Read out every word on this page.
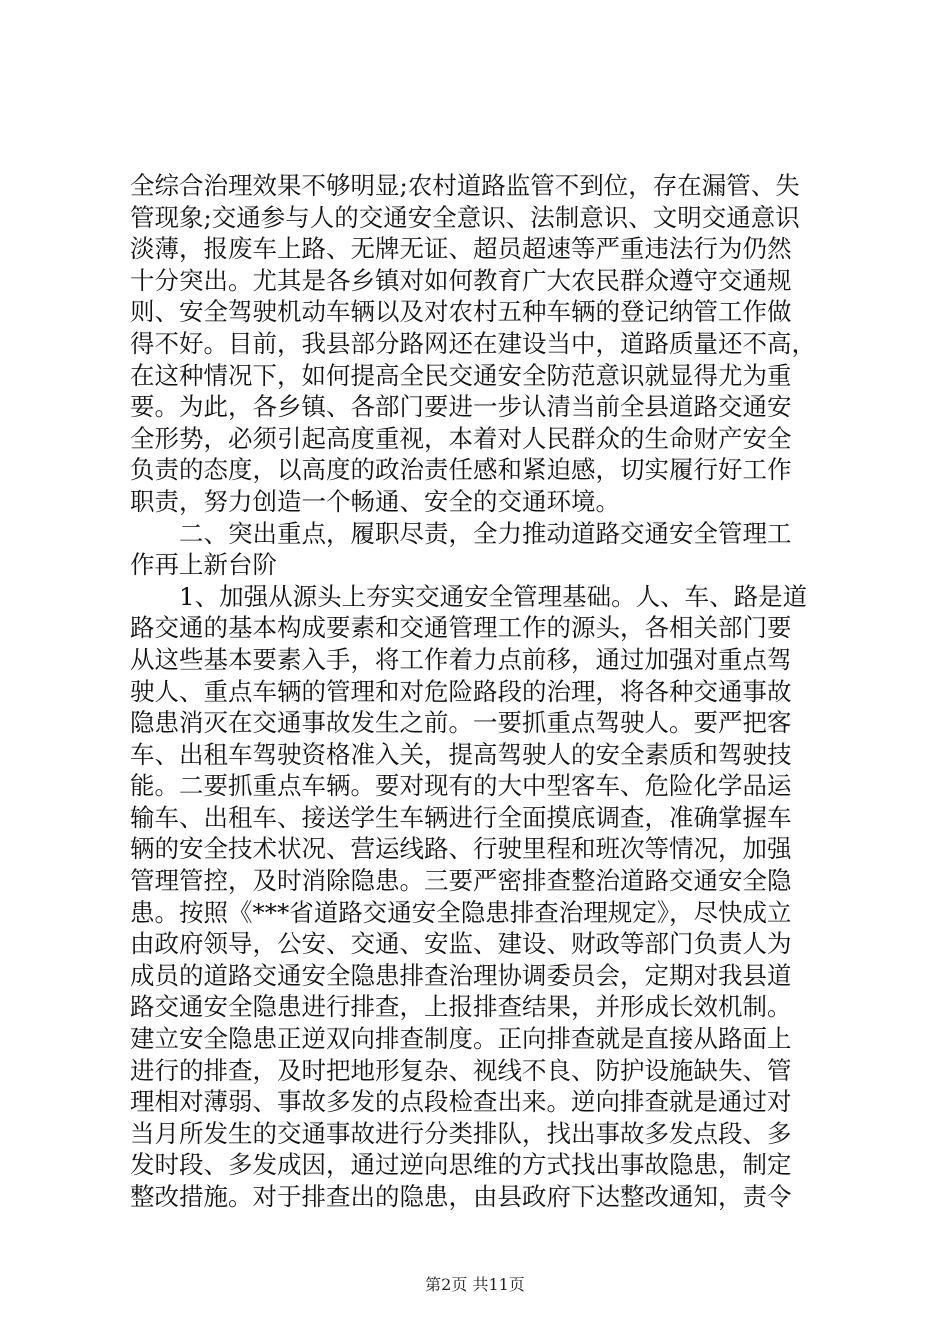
全综合治理效果不够明显;农村道路监管不到位，存在漏管、失
管现象;交通参与人的交通安全意识、法制意识、文明交通意识
淡薄，报废车上路、无牌无证、超员超速等严重违法行为仍然
十分突出。尤其是各乡镇对如何教育广大农民群众遵守交通规
则、安全驾驶机动车辆以及对农村五种车辆的登记纳管工作做
得不好。目前，我县部分路网还在建设当中，道路质量还不高，
在这种情况下，如何提高全民交通安全防范意识就显得尤为重
要。为此，各乡镇、各部门要进一步认清当前全县道路交通安
全形势，必须引起高度重视，本着对人民群众的生命财产安全
负责的态度，以高度的政治责任感和紧迫感，切实履行好工作
职责，努力创造一个畅通、安全的交通环境。
　　二、突出重点，履职尽责，全力推动道路交通安全管理工
作再上新台阶
　　1、加强从源头上夯实交通安全管理基础。人、车、路是道
路交通的基本构成要素和交通管理工作的源头，各相关部门要
从这些基本要素入手，将工作着力点前移，通过加强对重点驾
驶人、重点车辆的管理和对危险路段的治理，将各种交通事故
隐患消灭在交通事故发生之前。一要抓重点驾驶人。要严把客
车、出租车驾驶资格准入关，提高驾驶人的安全素质和驾驶技
能。二要抓重点车辆。要对现有的大中型客车、危险化学品运
输车、出租车、接送学生车辆进行全面摸底调查，准确掌握车
辆的安全技术状况、营运线路、行驶里程和班次等情况，加强
管理管控，及时消除隐患。三要严密排查整治道路交通安全隐
患。按照《***省道路交通安全隐患排查治理规定》，尽快成立
由政府领导，公安、交通、安监、建设、财政等部门负责人为
成员的道路交通安全隐患排查治理协调委员会，定期对我县道
路交通安全隐患进行排查，上报排查结果，并形成长效机制。
建立安全隐患正逆双向排查制度。正向排查就是直接从路面上
进行的排查，及时把地形复杂、视线不良、防护设施缺失、管
理相对薄弱、事故多发的点段检查出来。逆向排查就是通过对
当月所发生的交通事故进行分类排队，找出事故多发点段、多
发时段、多发成因，通过逆向思维的方式找出事故隐患，制定
整改措施。对于排查出的隐患，由县政府下达整改通知，责令
第2页 共11页
